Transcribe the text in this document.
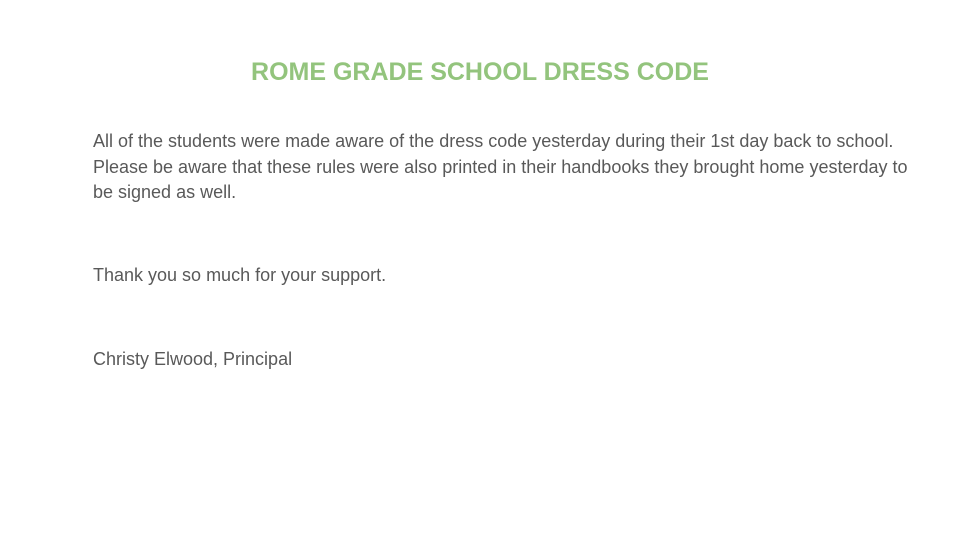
ROME GRADE SCHOOL DRESS CODE

All of the students were made aware of the dress code yesterday during their 1st day back to school. Please be aware that these rules were also printed in their handbooks they brought home yesterday to be signed as well.

Thank you so much for your support.

Christy Elwood, Principal
